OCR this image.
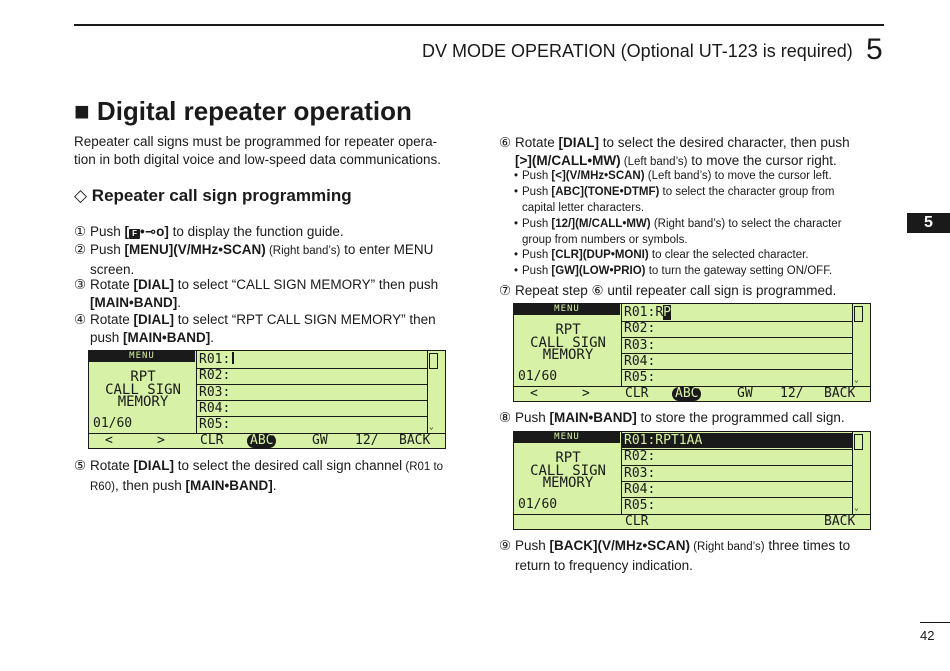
DV MODE OPERATION (Optional UT-123 is required) 5
■ Digital repeater operation
Repeater call signs must be programmed for repeater opera-
tion in both digital voice and low-speed data communications.
◇ Repeater call sign programming
① Push [ F •⊸o] to display the function guide.
② Push [MENU](V/MHz•SCAN) (Right band’s) to enter MENU
screen.
③ Rotate [DIAL] to select “CALL SIGN MEMORY” then push
[MAIN•BAND].
④ Rotate [DIAL] to select “RPT CALL SIGN MEMORY” then
push [MAIN•BAND].
MENU
RPT
CALL SIGN
MEMORY
01/60
R01:
R02:
R03:
R04:
R05:	⌄
<	>	CLR ABC	GW 12/ BACK
⑤ Rotate [DIAL] to select the desired call sign channel (R01 to
R60), then push [MAIN•BAND].
⑥ Rotate [DIAL] to select the desired character, then push
[>](M/CALL•MW) (Left band’s) to move the cursor right.
• Push [<](V/MHz•SCAN) (Left band’s) to move the cursor left.
• Push [ABC](TONE•DTMF) to select the character group from
capital letter characters.
• Push [12/](M/CALL•MW) (Right band’s) to select the character
group from numbers or symbols.
• Push [CLR](DUP•MONI) to clear the selected character.
• Push [GW](LOW•PRIO) to turn the gateway setting ON/OFF.
⑦ Repeat step ⑥ until repeater call sign is programmed.
MENU
RPT
CALL SIGN
MEMORY
01/60
R01:RP
R02:
R03:
R04:
R05:	⌄
<	>	CLR ABC	GW 12/ BACK
⑧ Push [MAIN•BAND] to store the programmed call sign.
MENU
RPT
CALL SIGN
MEMORY
01/60
R01:RPT1AA
R02:
R03:
R04:
R05:	⌄
CLR	BACK
⑨ Push [BACK](V/MHz•SCAN) (Right band’s) three times to
return to frequency indication.
5
42
